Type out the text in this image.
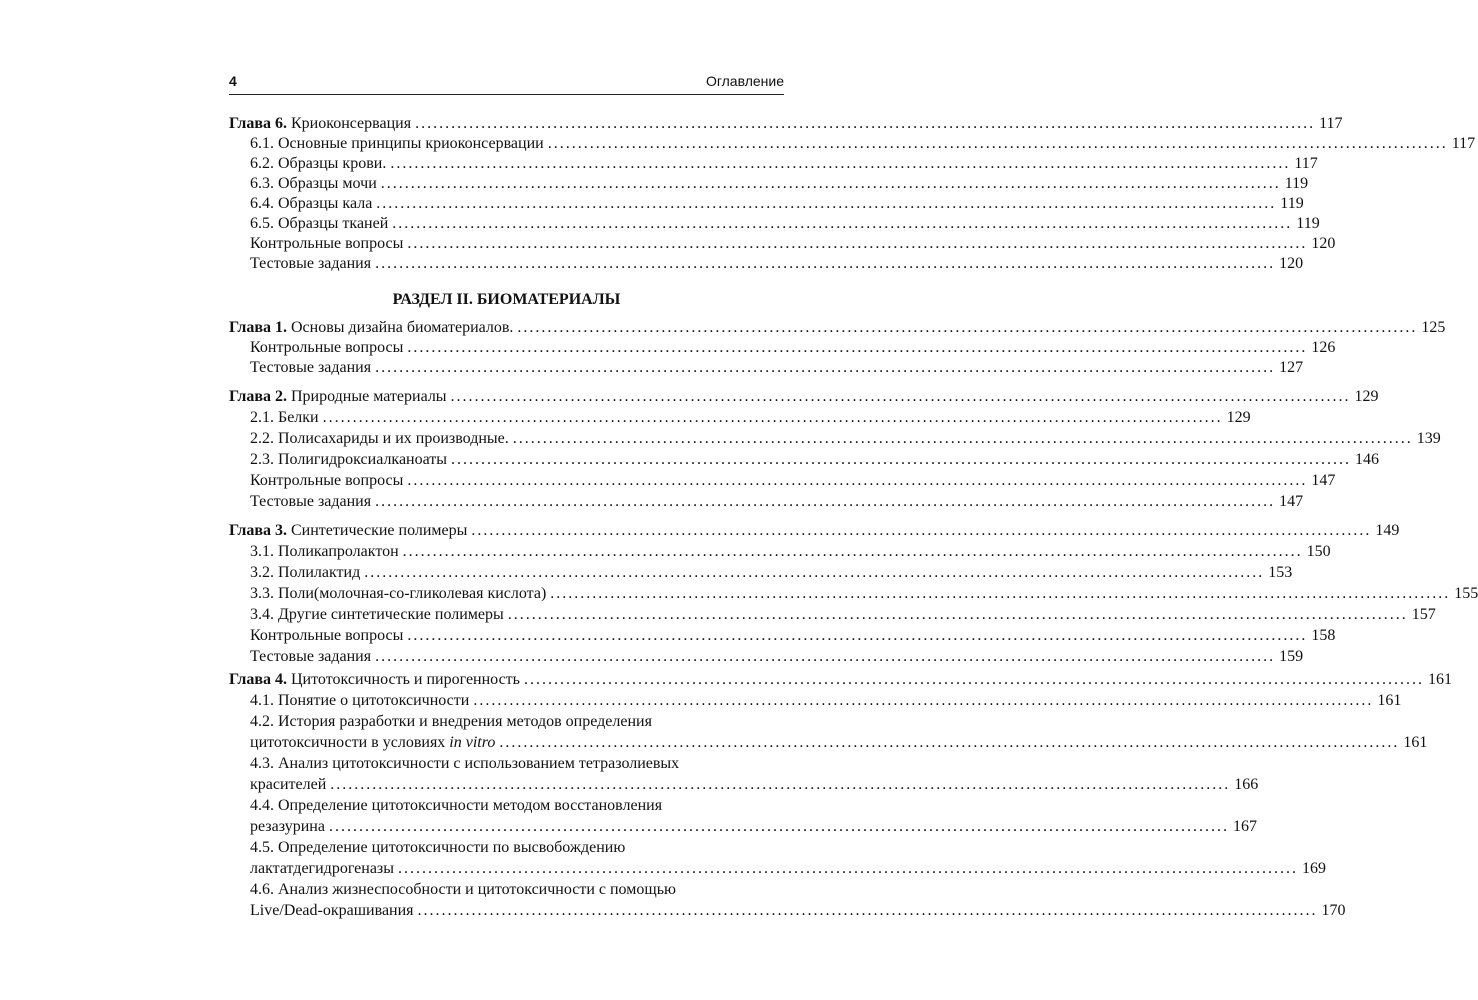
4	Оглавление
Глава 6. Криоконсервация ...................................................................................................................................................... 117
6.1. Основные принципы криоконсервации ...................................................................................................................................................... 117
6.2. Образцы крови. ...................................................................................................................................................... 117
6.3. Образцы мочи ...................................................................................................................................................... 119
6.4. Образцы кала ...................................................................................................................................................... 119
6.5. Образцы тканей ...................................................................................................................................................... 119
Контрольные вопросы ...................................................................................................................................................... 120
Тестовые задания ...................................................................................................................................................... 120
РАЗДЕЛ II. БИОМАТЕРИАЛЫ
Глава 1. Основы дизайна биоматериалов. ...................................................................................................................................................... 125
Контрольные вопросы ...................................................................................................................................................... 126
Тестовые задания ...................................................................................................................................................... 127
Глава 2. Природные материалы ...................................................................................................................................................... 129
2.1. Белки ...................................................................................................................................................... 129
2.2. Полисахариды и их производные. ...................................................................................................................................................... 139
2.3. Полигидроксиалканоаты ...................................................................................................................................................... 146
Контрольные вопросы ...................................................................................................................................................... 147
Тестовые задания ...................................................................................................................................................... 147
Глава 3. Синтетические полимеры ...................................................................................................................................................... 149
3.1. Поликапролактон ...................................................................................................................................................... 150
3.2. Полилактид ...................................................................................................................................................... 153
3.3. Поли(молочная-со-гликолевая кислота) ...................................................................................................................................................... 155
3.4. Другие синтетические полимеры ...................................................................................................................................................... 157
Контрольные вопросы ...................................................................................................................................................... 158
Тестовые задания ...................................................................................................................................................... 159
Глава 4. Цитотоксичность и пирогенность ...................................................................................................................................................... 161
4.1. Понятие о цитотоксичности ...................................................................................................................................................... 161
4.2. История разработки и внедрения методов определения
цитотоксичности в условиях in vitro ...................................................................................................................................................... 161
4.3. Анализ цитотоксичности с использованием тетразолиевых
красителей ...................................................................................................................................................... 166
4.4. Определение цитотоксичности методом восстановления
резазурина ...................................................................................................................................................... 167
4.5. Определение цитотоксичности по высвобождению
лактатдегидрогеназы ...................................................................................................................................................... 169
4.6. Анализ жизнеспособности и цитотоксичности с помощью
Live/Dead-окрашивания ...................................................................................................................................................... 170
